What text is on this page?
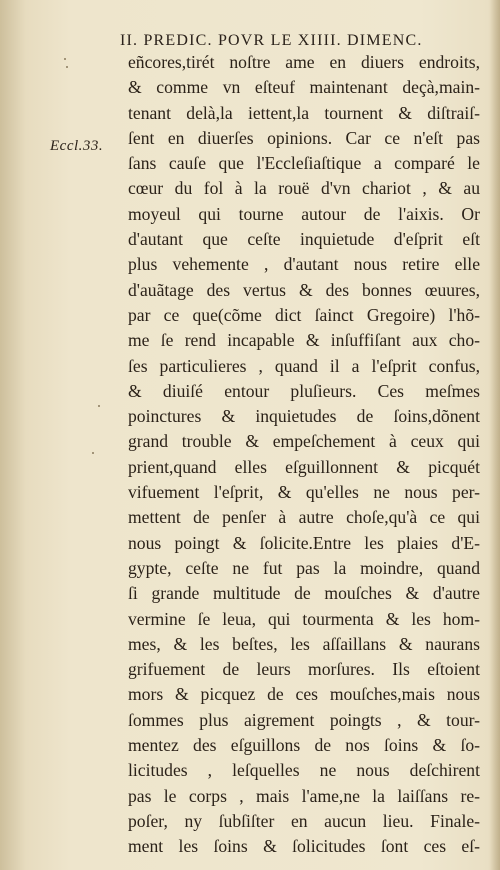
II. PREDIC. POVR LE XIIII. DIMENC.
Eccl.33.
eñcores,tirét noſtre ame en diuers endroits,
& comme vn eſteuf maintenant deçà,main-
tenant delà,la iettent,la tournent & diſtraiſ-
ſent en diuerſes opinions. Car ce n'eſt pas
ſans cauſe que l'Eccleſiaſtique a comparé le
cœur du fol à la rouë d'vn chariot , & au
moyeul qui tourne autour de l'aixis. Or
d'autant que ceſte inquietude d'eſprit eſt
plus vehemente , d'autant nous retire elle
d'auãtage des vertus & des bonnes œuures,
par ce que(cõme dict ſainct Gregoire) l'hõ-
me ſe rend incapable & inſuffiſant aux cho-
ſes particulieres , quand il a l'eſprit confus,
& diuiſé entour pluſieurs. Ces meſmes
poinctures & inquietudes de ſoins,dõnent
grand trouble & empeſchement à ceux qui
prient,quand elles eſguillonnent & picquét
vifuement l'eſprit, & qu'elles ne nous per-
mettent de penſer à autre choſe,qu'à ce qui
nous poingt & ſolicite.Entre les plaies d'E-
gypte, ceſte ne fut pas la moindre, quand
ſi grande multitude de mouſches & d'autre
vermine ſe leua, qui tourmenta & les hom-
mes, & les beſtes, les aſſaillans & naurans
grifuement de leurs morſures. Ils eſtoient
mors & picquez de ces mouſches,mais nous
ſommes plus aigrement poingts , & tour-
mentez des eſguillons de nos ſoins & ſo-
licitudes , leſquelles ne nous deſchirent
pas le corps , mais l'ame,ne la laiſſans re-
poſer, ny ſubſiſter en aucun lieu. Finale-
ment les ſoins & ſolicitudes ſont ces eſ-
